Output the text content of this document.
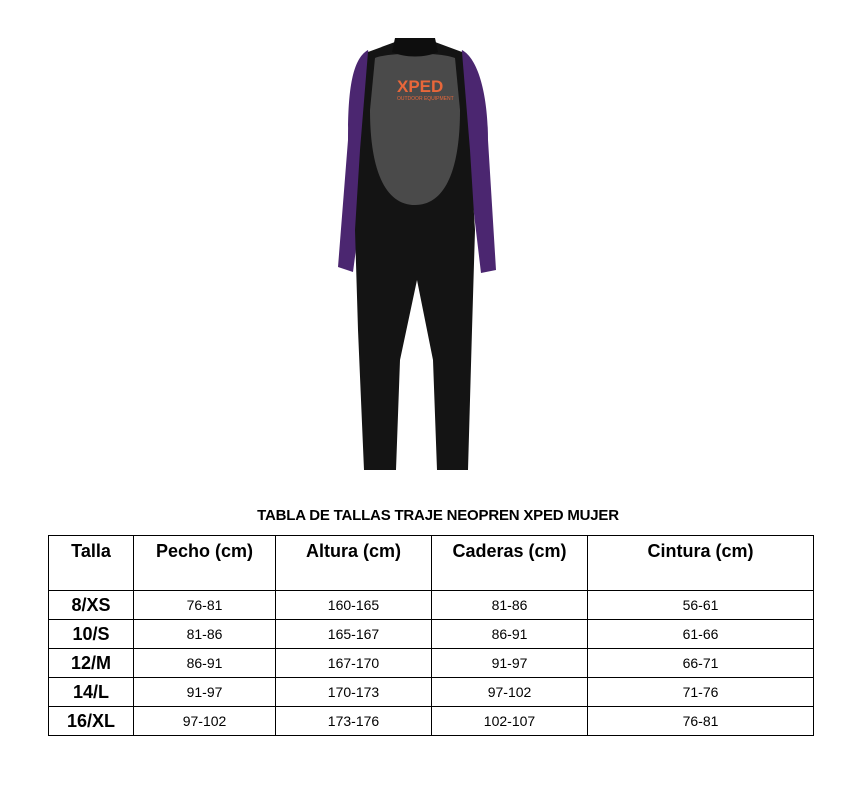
XPED
OUTDOOR EQUIPMENT
TABLA DE TALLAS TRAJE NEOPREN XPED MUJER
Talla	Pecho (cm)	Altura (cm)	Caderas (cm)	Cintura (cm)
8/XS	76-81	160-165	81-86	56-61
10/S	81-86	165-167	86-91	61-66
12/M	86-91	167-170	91-97	66-71
14/L	91-97	170-173	97-102	71-76
16/XL	97-102	173-176	102-107	76-81
